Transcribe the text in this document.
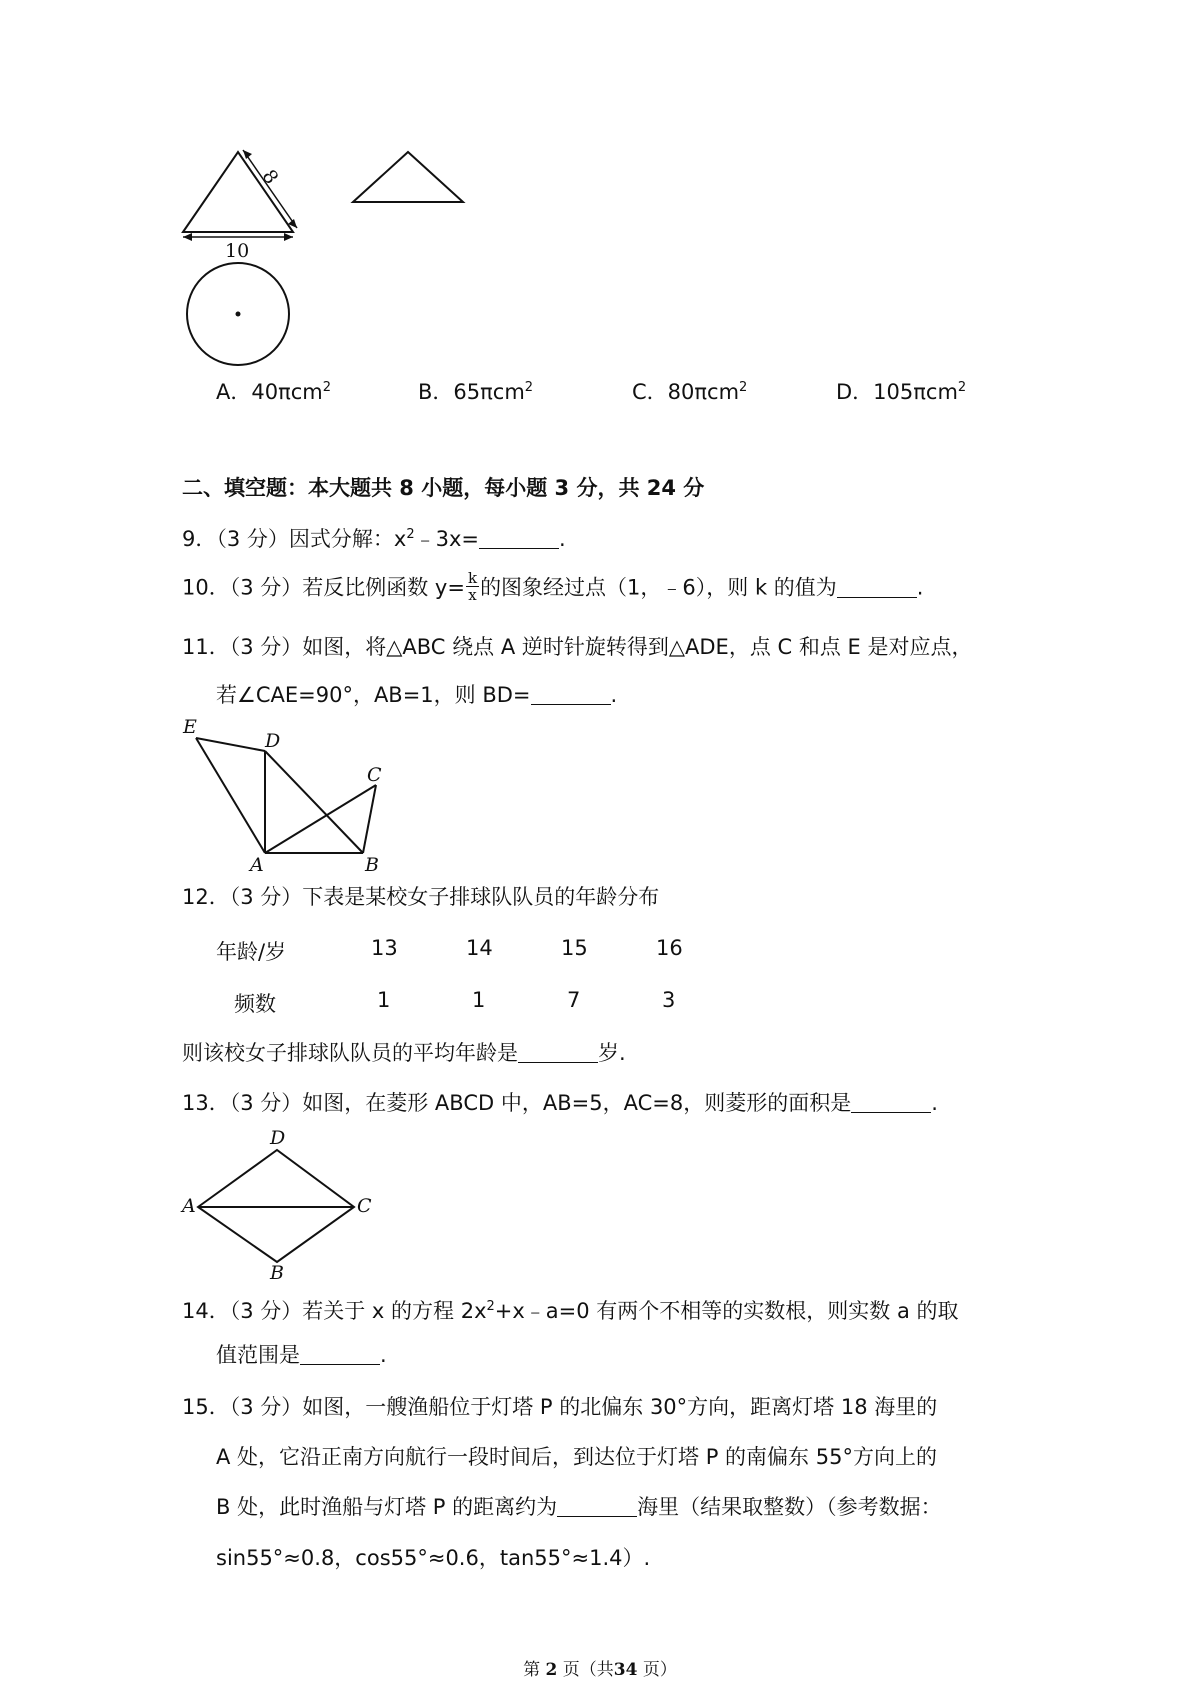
8
10
A．40πcm$^2$	B．65πcm$^2$	C．80πcm$^2$	D．105πcm$^2$
二、填空题：本大题共 8 小题，每小题 3 分，共 24 分
9．（3 分）因式分解：$x^2﹣3x=$	.
10．（3 分）若反比例函数 $y= \frac{k}{x}$ 的图象经过点（1，﹣6），则 k 的值为	.
11．（3 分）如图，将△ABC 绕点 A 逆时针旋转得到△ADE，点 C 和点 E 是对应点，
若∠CAE=90°，AB=1，则 BD=	.
E
D
C
A	B
12．（3 分）下表是某校女子排球队队员的年龄分布
年龄/岁	13	14	15	16
频数	1	1	7	3
则该校女子排球队队员的平均年龄是	岁.
13．（3 分）如图，在菱形 ABCD 中，AB=5，AC=8，则菱形的面积是	.
D
A	C
B
14．（3 分）若关于 x 的方程 $2x^2+x﹣a=0$ 有两个不相等的实数根，则实数 a 的取
值范围是	.
15．（3 分）如图，一艘渔船位于灯塔 P 的北偏东 30°方向，距离灯塔 18 海里的
A 处，它沿正南方向航行一段时间后，到达位于灯塔 P 的南偏东 55°方向上的
B 处，此时渔船与灯塔 P 的距离约为	海里（结果取整数）（参考数据：
sin55°≈0.8，cos55°≈0.6，tan55°≈1.4）.
第 2 页（共34 页）
